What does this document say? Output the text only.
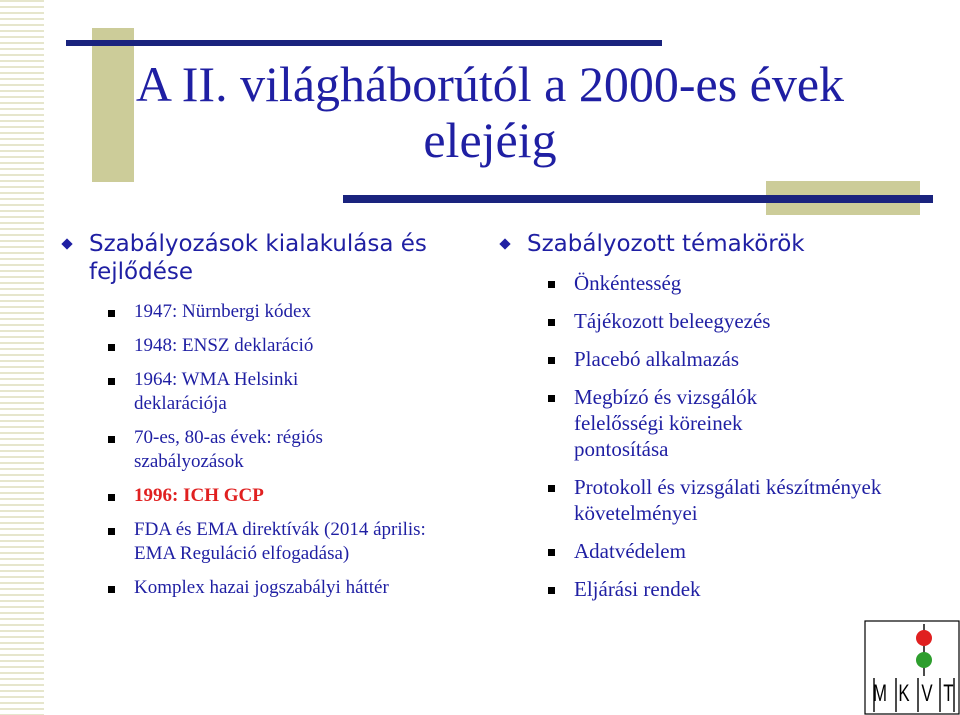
A II. világháborútól a 2000-es évek elejéig
Szabályozások kialakulása és fejlődése
1947: Nürnbergi kódex
1948: ENSZ deklaráció
1964: WMA Helsinki deklarációja
70-es, 80-as évek: régiós szabályozások
1996: ICH GCP
FDA és EMA direktívák (2014 április: EMA Reguláció elfogadása)
Komplex hazai jogszabályi háttér
Szabályozott témakörök
Önkéntesség
Tájékozott beleegyezés
Placebó alkalmazás
Megbízó és vizsgálók felelősségi köreinek pontosítása
Protokoll és vizsgálati készítmények követelményei
Adatvédelem
Eljárási rendek
M K V T
